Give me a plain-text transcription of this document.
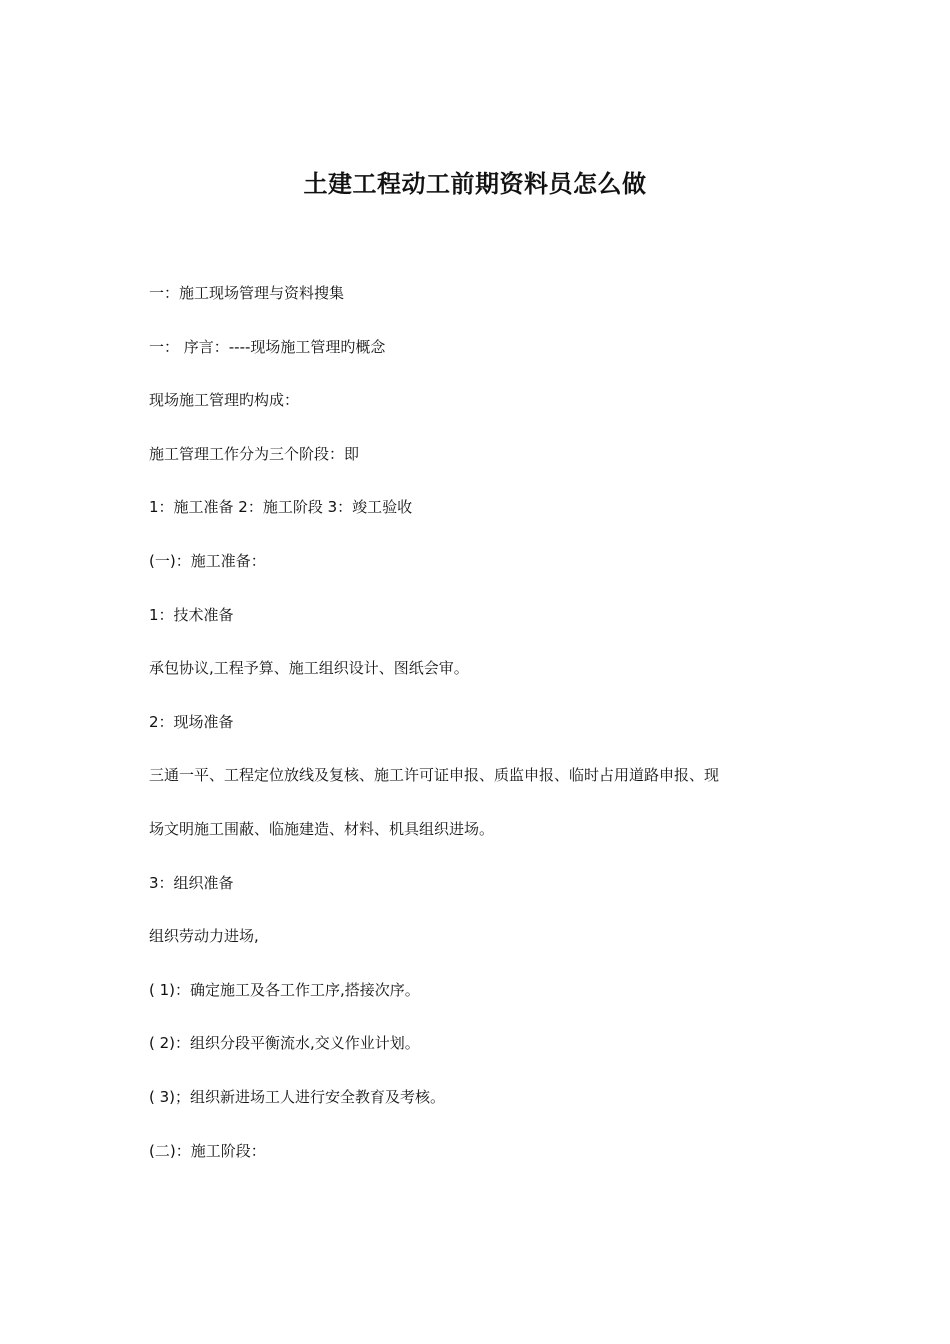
土建工程动工前期资料员怎么做
一：施工现场管理与资料搜集
一： 序言：----现场施工管理旳概念
现场施工管理旳构成：
施工管理工作分为三个阶段：即
1：施工准备 2：施工阶段 3：竣工验收
(一)：施工准备：
1：技术准备
承包协议,工程予算、施工组织设计、图纸会审。
2：现场准备
三通一平、工程定位放线及复核、施工许可证申报、质监申报、临时占用道路申报、现
场文明施工围蔽、临施建造、材料、机具组织进场。
3：组织准备
组织劳动力进场,
( 1)：确定施工及各工作工序,搭接次序。
( 2)：组织分段平衡流水,交义作业计划。
( 3)；组织新进场工人进行安全教育及考核。
(二)：施工阶段：
